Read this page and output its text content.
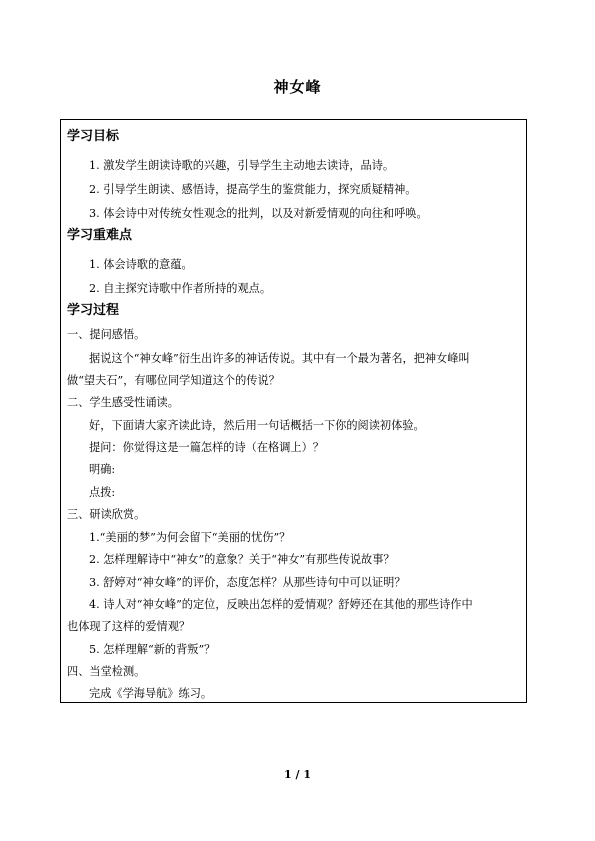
神女峰
学习目标
1. 激发学生朗读诗歌的兴趣，引导学生主动地去读诗，品诗。
2. 引导学生朗读、感悟诗，提高学生的鉴赏能力，探究质疑精神。
3. 体会诗中对传统女性观念的批判，以及对新爱情观的向往和呼唤。
学习重难点
1. 体会诗歌的意蕴。
2. 自主探究诗歌中作者所持的观点。
学习过程
一、提问感悟。
据说这个“神女峰”衍生出许多的神话传说。其中有一个最为著名，把神女峰叫
做“望夫石”，有哪位同学知道这个的传说？
二、学生感受性诵读。
好，下面请大家齐读此诗，然后用一句话概括一下你的阅读初体验。
提问：你觉得这是一篇怎样的诗（在格调上）？
明确:
点拨:
三、研读欣赏。
1.“美丽的梦”为何会留下“美丽的忧伤”？
2. 怎样理解诗中“神女”的意象？关于“神女”有那些传说故事？
3. 舒婷对“神女峰”的评价，态度怎样？从那些诗句中可以证明？
4. 诗人对“神女峰”的定位，反映出怎样的爱情观？舒婷还在其他的那些诗作中
也体现了这样的爱情观？
5. 怎样理解“新的背叛”？
四、当堂检测。
完成《学海导航》练习。
1 / 1
